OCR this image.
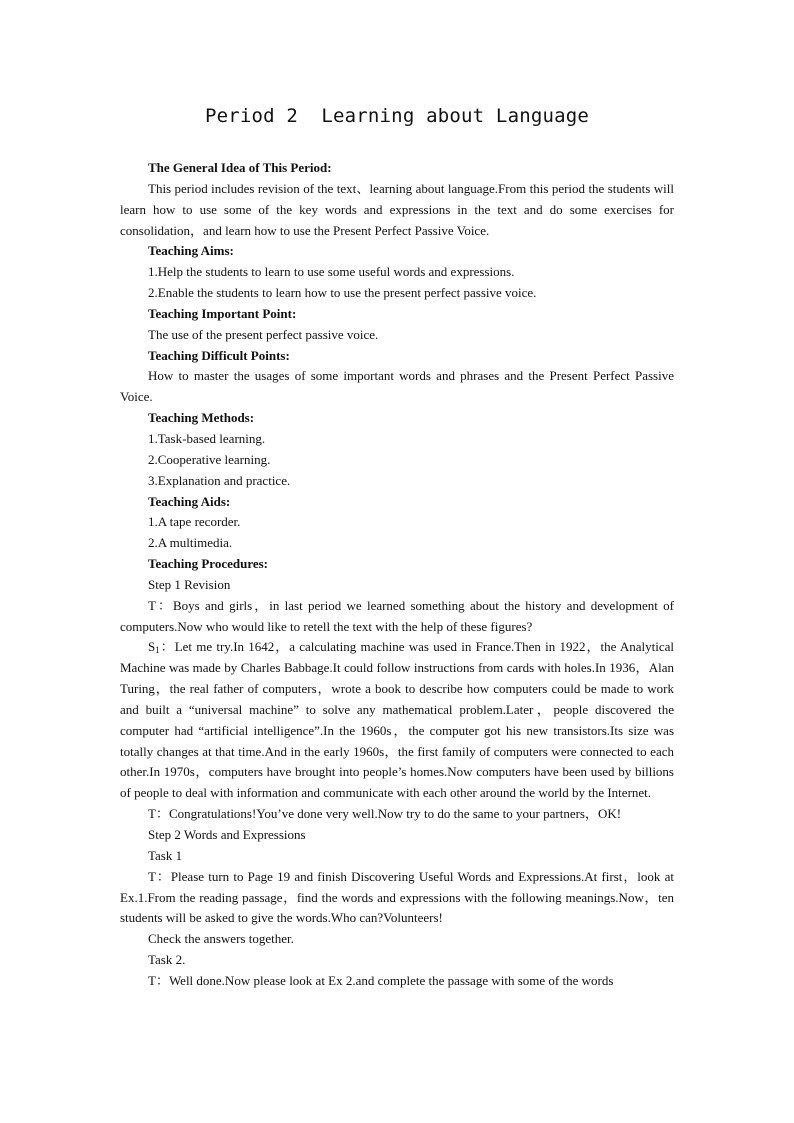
Period 2  Learning about Language

The General Idea of This Period:

This period includes revision of the text、learning about language.From this period the students will learn how to use some of the key words and expressions in the text and do some exercises for consolidation，and learn how to use the Present Perfect Passive Voice.

Teaching Aims:

1.Help the students to learn to use some useful words and expressions.

2.Enable the students to learn how to use the present perfect passive voice.

Teaching Important Point:

The use of the present perfect passive voice.

Teaching Difficult Points:

How to master the usages of some important words and phrases and the Present Perfect Passive Voice.

Teaching Methods:

1.Task-based learning.

2.Cooperative learning.

3.Explanation and practice.

Teaching Aids:

1.A tape recorder.

2.A multimedia.

Teaching Procedures:

Step 1 Revision

T：Boys and girls，in last period we learned something about the history and development of computers.Now who would like to retell the text with the help of these figures?

$S_1$：Let me try.In 1642，a calculating machine was used in France.Then in 1922，the Analytical Machine was made by Charles Babbage.It could follow instructions from cards with holes.In 1936，Alan Turing，the real father of computers，wrote a book to describe how computers could be made to work and built a “universal machine” to solve any mathematical problem.Later，people discovered the computer had “artificial intelligence”.In the 1960s，the computer got his new transistors.Its size was totally changes at that time.And in the early 1960s，the first family of computers were connected to each other.In 1970s，computers have brought into people’s homes.Now computers have been used by billions of people to deal with information and communicate with each other around the world by the Internet.

T：Congratulations!You’ve done very well.Now try to do the same to your partners，OK!

Step 2 Words and Expressions

Task 1

T：Please turn to Page 19 and finish Discovering Useful Words and Expressions.At first，look at Ex.1.From the reading passage，find the words and expressions with the following meanings.Now，ten students will be asked to give the words.Who can?Volunteers!

Check the answers together.

Task 2.

T：Well done.Now please look at Ex 2.and complete the passage with some of the words
